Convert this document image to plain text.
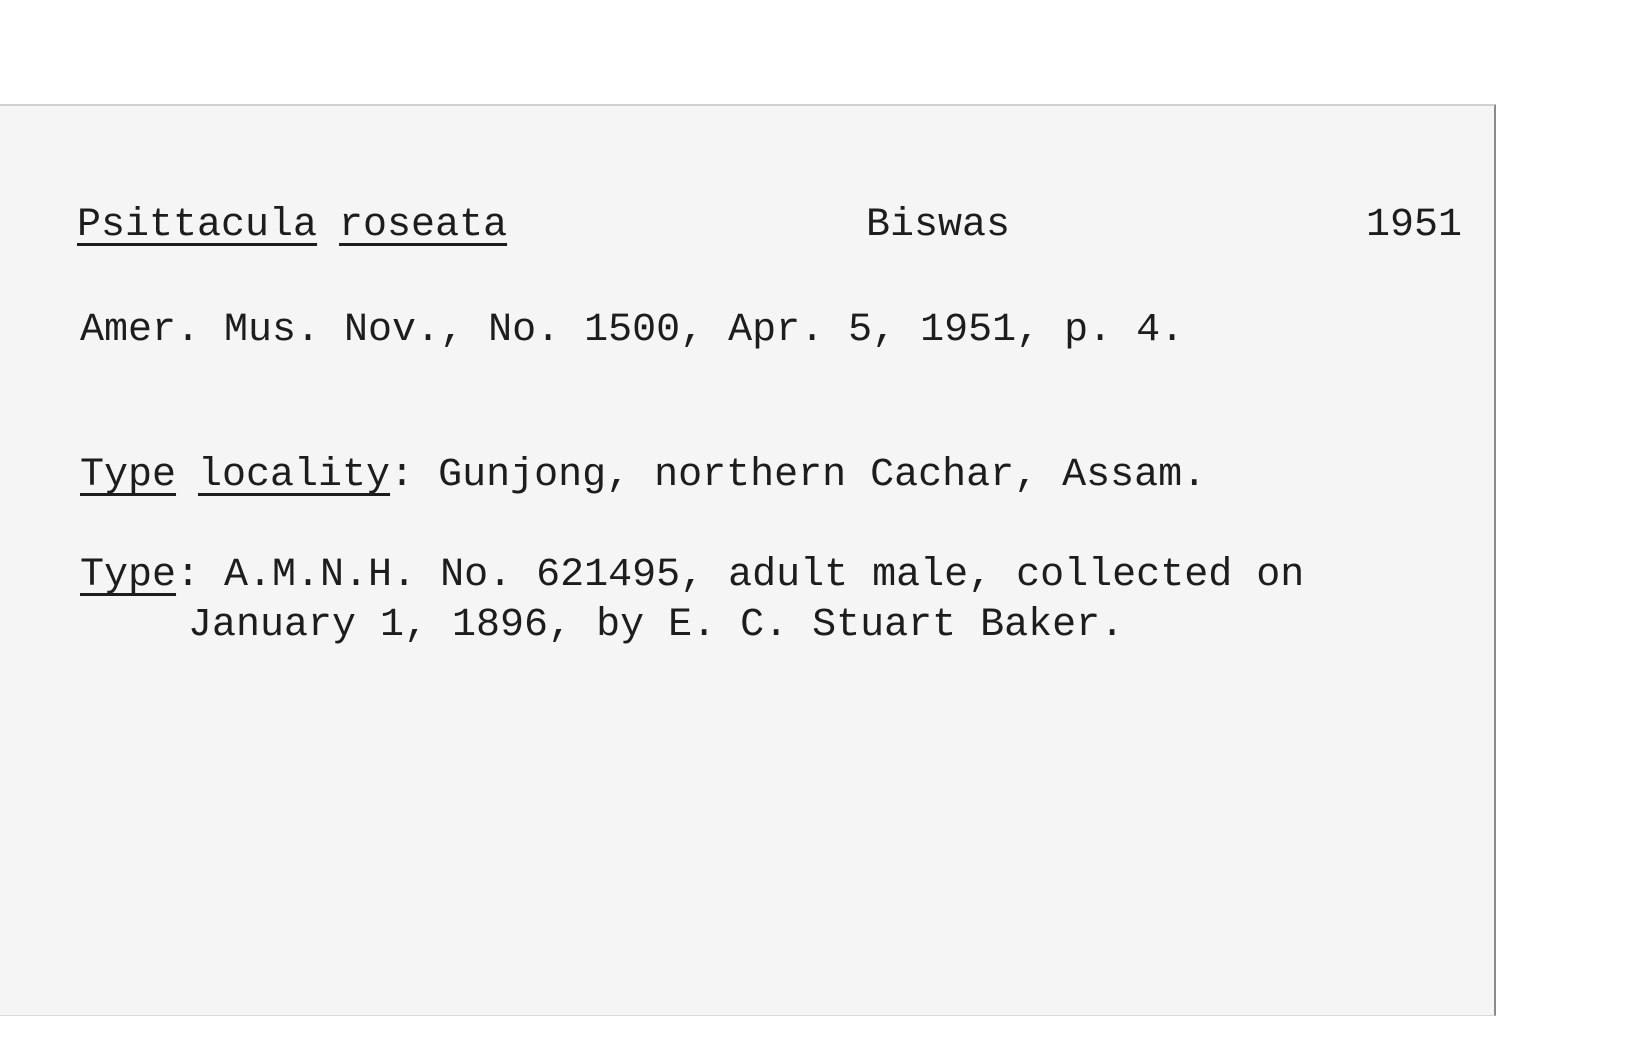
Psittacula roseata	Biswas	1951
Amer. Mus. Nov., No. 1500, Apr. 5, 1951, p. 4.
Type locality: Gunjong, northern Cachar, Assam.
Type: A.M.N.H. No. 621495, adult male, collected on
January 1, 1896, by E. C. Stuart Baker.
